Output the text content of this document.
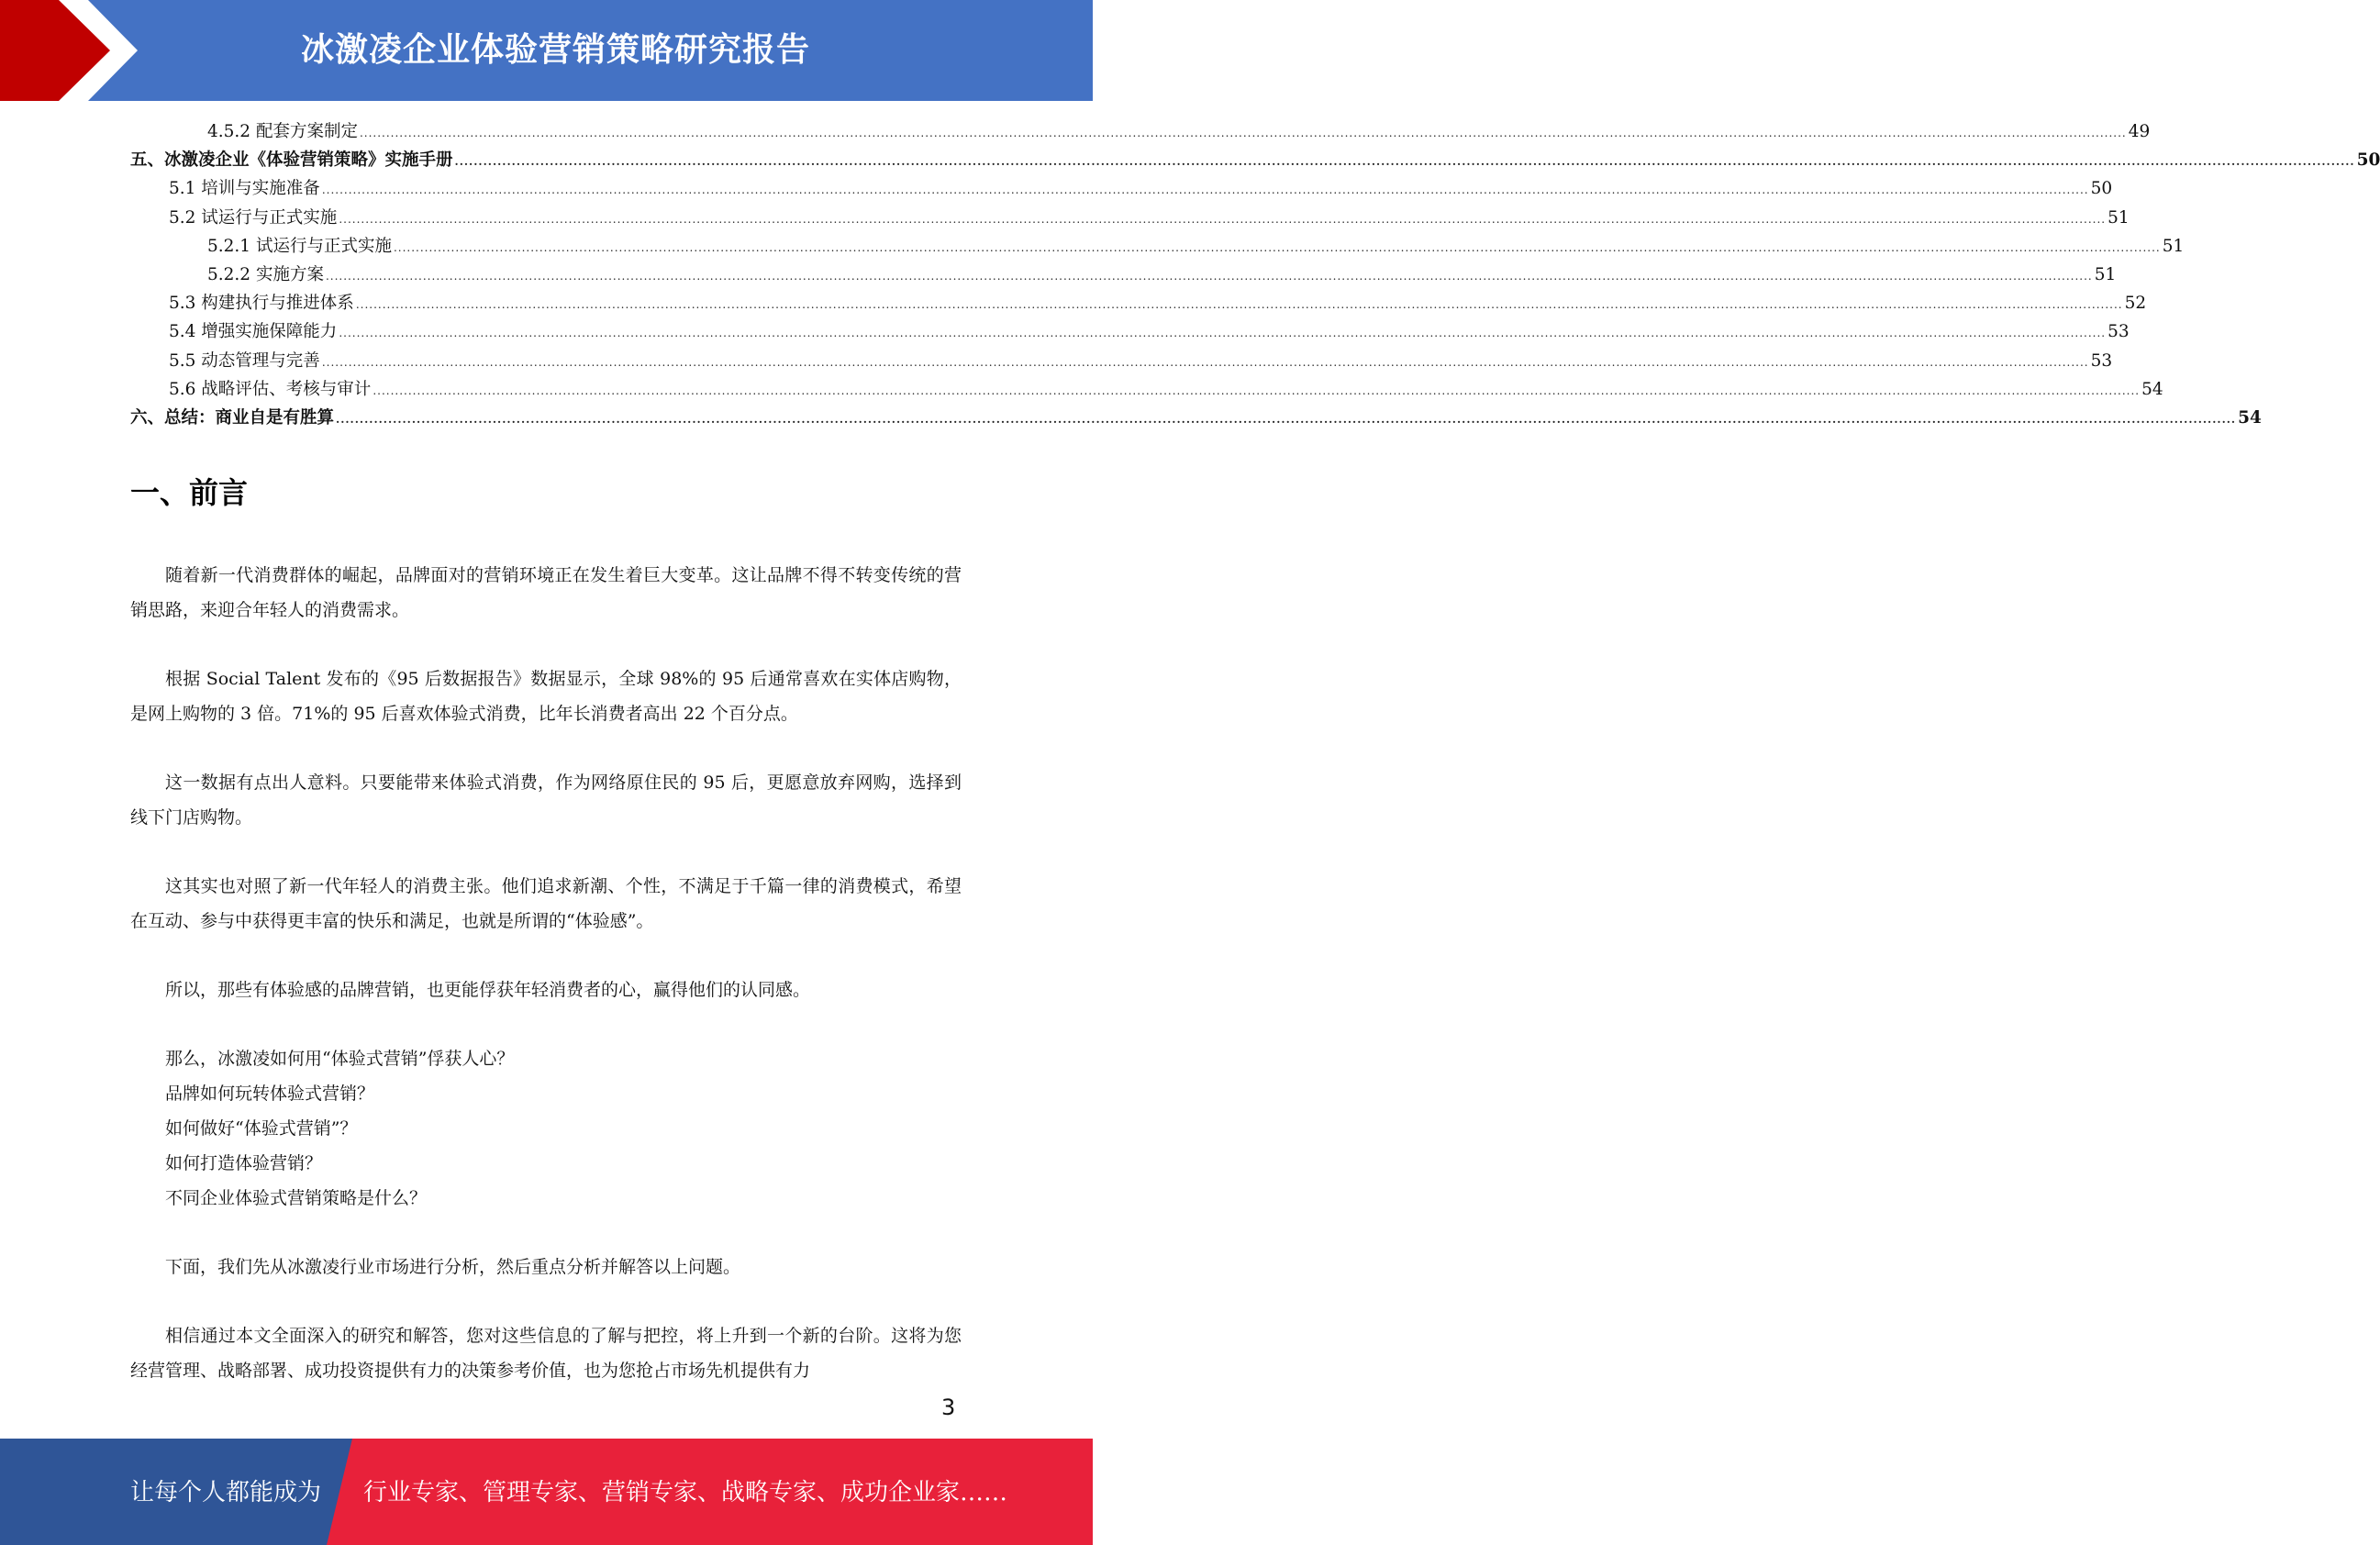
冰激凌企业体验营销策略研究报告
4.5.2 配套方案制定 ................................................................................................................................................................................................................................................................................................................................................................................................................ 49
五、冰激凌企业《体验营销策略》实施手册 ................................................................................................................................................................................................................................................................................................................................................................................................................ 50
5.1 培训与实施准备 ................................................................................................................................................................................................................................................................................................................................................................................................................ 50
5.2 试运行与正式实施 ................................................................................................................................................................................................................................................................................................................................................................................................................ 51
5.2.1 试运行与正式实施 ................................................................................................................................................................................................................................................................................................................................................................................................................ 51
5.2.2 实施方案 ................................................................................................................................................................................................................................................................................................................................................................................................................ 51
5.3 构建执行与推进体系 ................................................................................................................................................................................................................................................................................................................................................................................................................ 52
5.4 增强实施保障能力 ................................................................................................................................................................................................................................................................................................................................................................................................................ 53
5.5 动态管理与完善 ................................................................................................................................................................................................................................................................................................................................................................................................................ 53
5.6 战略评估、考核与审计 ................................................................................................................................................................................................................................................................................................................................................................................................................ 54
六、总结：商业自是有胜算 ................................................................................................................................................................................................................................................................................................................................................................................................................ 54
一、前言

随着新一代消费群体的崛起，品牌面对的营销环境正在发生着巨大变革。这让品牌不得不转变传统的营销思路，来迎合年轻人的消费需求。

根据 Social Talent 发布的《95 后数据报告》数据显示，全球 98%的 95 后通常喜欢在实体店购物，是网上购物的 3 倍。71%的 95 后喜欢体验式消费，比年长消费者高出 22 个百分点。

这一数据有点出人意料。只要能带来体验式消费，作为网络原住民的 95 后，更愿意放弃网购，选择到线下门店购物。

这其实也对照了新一代年轻人的消费主张。他们追求新潮、个性，不满足于千篇一律的消费模式，希望在互动、参与中获得更丰富的快乐和满足，也就是所谓的“体验感”。

所以，那些有体验感的品牌营销，也更能俘获年轻消费者的心，赢得他们的认同感。

那么，冰激凌如何用“体验式营销”俘获人心？
品牌如何玩转体验式营销？
如何做好“体验式营销”？
如何打造体验营销？
不同企业体验式营销策略是什么？

下面，我们先从冰激凌行业市场进行分析，然后重点分析并解答以上问题。

相信通过本文全面深入的研究和解答，您对这些信息的了解与把控，将上升到一个新的台阶。这将为您经营管理、战略部署、成功投资提供有力的决策参考价值，也为您抢占市场先机提供有力

3
让每个人都能成为 行业专家、管理专家、营销专家、战略专家、成功企业家……
